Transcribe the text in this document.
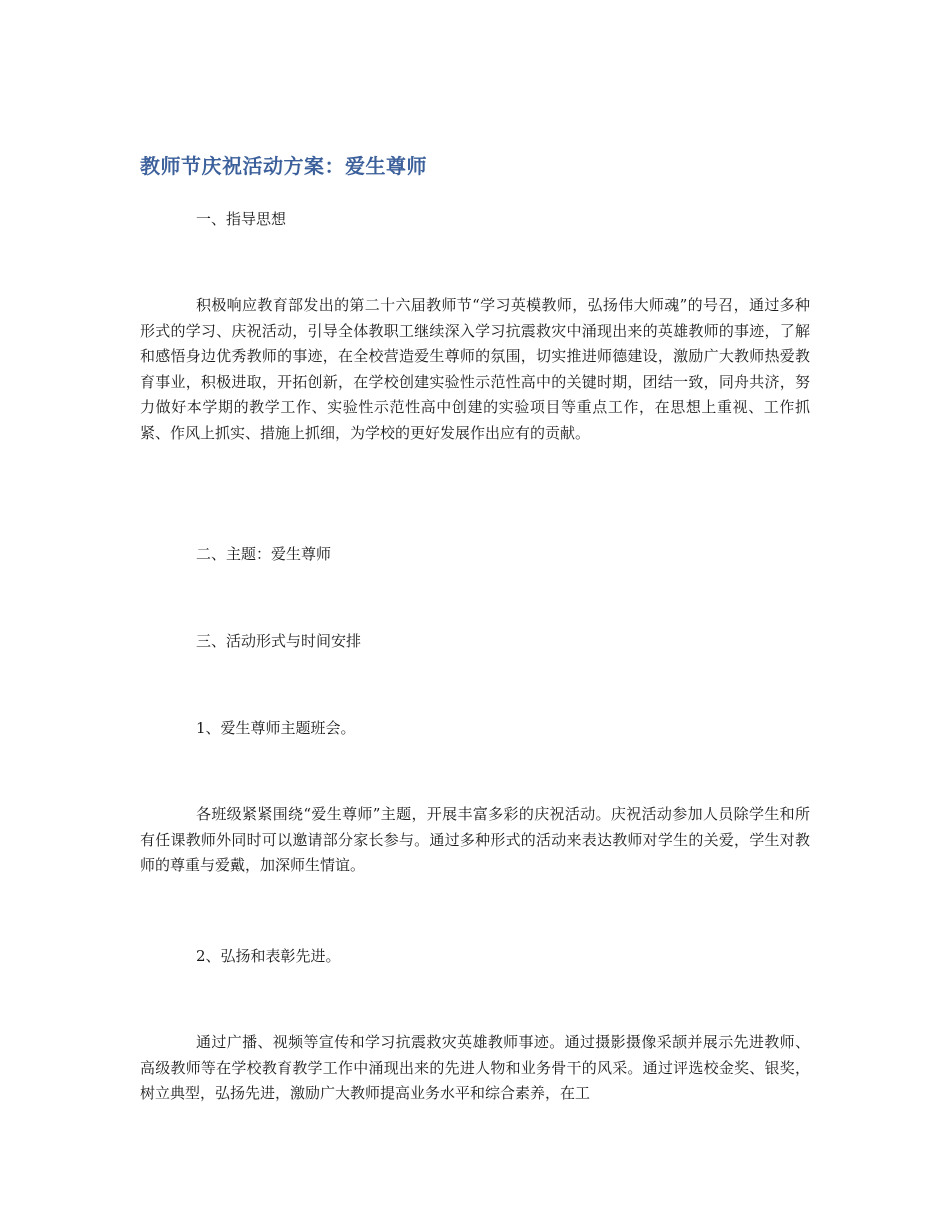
教师节庆祝活动方案：爱生尊师
一、指导思想

积极响应教育部发出的第二十六届教师节“学习英模教师，弘扬伟大师魂”的号召，通过多种形式的学习、庆祝活动，引导全体教职工继续深入学习抗震救灾中涌现出来的英雄教师的事迹，了解和感悟身边优秀教师的事迹，在全校营造爱生尊师的氛围，切实推进师德建设，激励广大教师热爱教育事业，积极进取，开拓创新，在学校创建实验性示范性高中的关键时期，团结一致，同舟共济，努力做好本学期的教学工作、实验性示范性高中创建的实验项目等重点工作，在思想上重视、工作抓紧、作风上抓实、措施上抓细，为学校的更好发展作出应有的贡献。

二、主题：爱生尊师
三、活动形式与时间安排
1、爱生尊师主题班会。

各班级紧紧围绕“爱生尊师”主题，开展丰富多彩的庆祝活动。庆祝活动参加人员除学生和所有任课教师外同时可以邀请部分家长参与。通过多种形式的活动来表达教师对学生的关爱，学生对教师的尊重与爱戴，加深师生情谊。

2、弘扬和表彰先进。

通过广播、视频等宣传和学习抗震救灾英雄教师事迹。通过摄影摄像采颉并展示先进教师、高级教师等在学校教育教学工作中涌现出来的先进人物和业务骨干的风采。通过评选校金奖、银奖，树立典型，弘扬先进，激励广大教师提高业务水平和综合素养，在工
